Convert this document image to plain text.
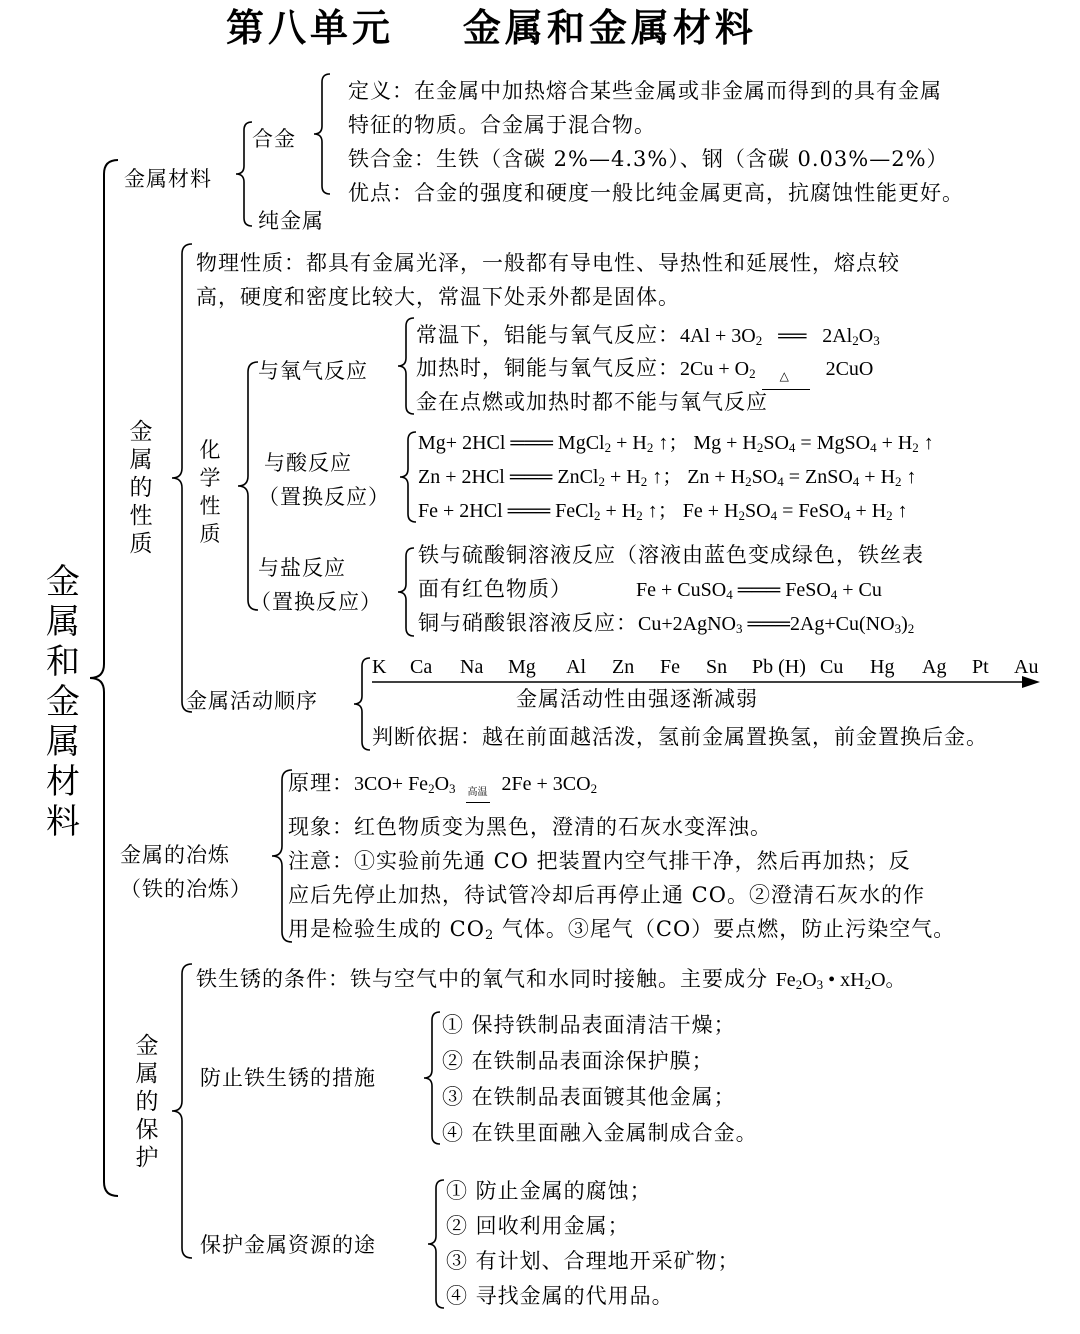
第八单元    金属和金属材料
金属和金属材料
金属材料
合金
定义：在金属中加热熔合某些金属或非金属而得到的具有金属
特征的物质。合金属于混合物。
铁合金：生铁（含碳 2%—4.3%）、钢（含碳 0.03%—2%）
优点：合金的强度和硬度一般比纯金属更高，抗腐蚀性能更好。
纯金属
金属的性质
物理性质：都具有金属光泽，一般都有导电性、导热性和延展性，熔点较
高，硬度和密度比较大，常温下处汞外都是固体。
化学性质
与氧气反应
常温下，铝能与氧气反应：$4Al + 3O_2$ ══ $2Al_2O_3$
加热时，铜能与氧气反应：$2Cu + O_2$ △ 2CuO
金在点燃或加热时都不能与氧气反应
与酸反应
（置换反应）
Mg+ 2HCl ═══ MgCl$_2$ + $H_2$ ↑； $Mg + H_2SO_4$ = MgSO$_4$ + $H_2$ ↑
Zn + 2HCl ═══ ZnCl$_2$ + $H_2$ ↑； $Zn + H_2SO_4$ = ZnSO$_4$ + $H_2$ ↑
Fe + 2HCl ═══ FeCl$_2$ + $H_2$ ↑； $Fe + H_2SO_4$ = FeSO$_4$ + $H_2$ ↑
与盐反应
（置换反应）
铁与硫酸铜溶液反应（溶液由蓝色变成绿色，铁丝表
面有红色物质）	Fe + CuSO$_4$ ═══ FeSO$_4$ + Cu
铜与硝酸银溶液反应：Cu+2AgNO$_3$ $═══2Ag+Cu(NO_3)_2$
金属活动顺序
K Ca Na Mg Al Zn Fe Sn Pb (H) Cu Hg Ag Pt Au
金属活动性由强逐渐减弱
判断依据：越在前面越活泼，氢前金属置换氢，前金置换后金。
金属的冶炼
（铁的冶炼）
原理：$3CO+ Fe_2O_3$ 高温 $2Fe + 3CO_2$
现象：红色物质变为黑色，澄清的石灰水变浑浊。
注意：①实验前先通 CO 把装置内空气排干净，然后再加热；反
应后先停止加热，待试管冷却后再停止通 CO。②澄清石灰水的作
用是检验生成的 $CO_2$ 气体。③尾气（CO）要点燃，防止污染空气。
金属的保护
铁生锈的条件：铁与空气中的氧气和水同时接触。主要成分 $Fe_2O_3$ • $xH_2O$。
防止铁生锈的措施
① 保持铁制品表面清洁干燥；
② 在铁制品表面涂保护膜；
③ 在铁制品表面镀其他金属；
④ 在铁里面融入金属制成合金。
保护金属资源的途
① 防止金属的腐蚀；
② 回收利用金属；
③ 有计划、合理地开采矿物；
④ 寻找金属的代用品。
